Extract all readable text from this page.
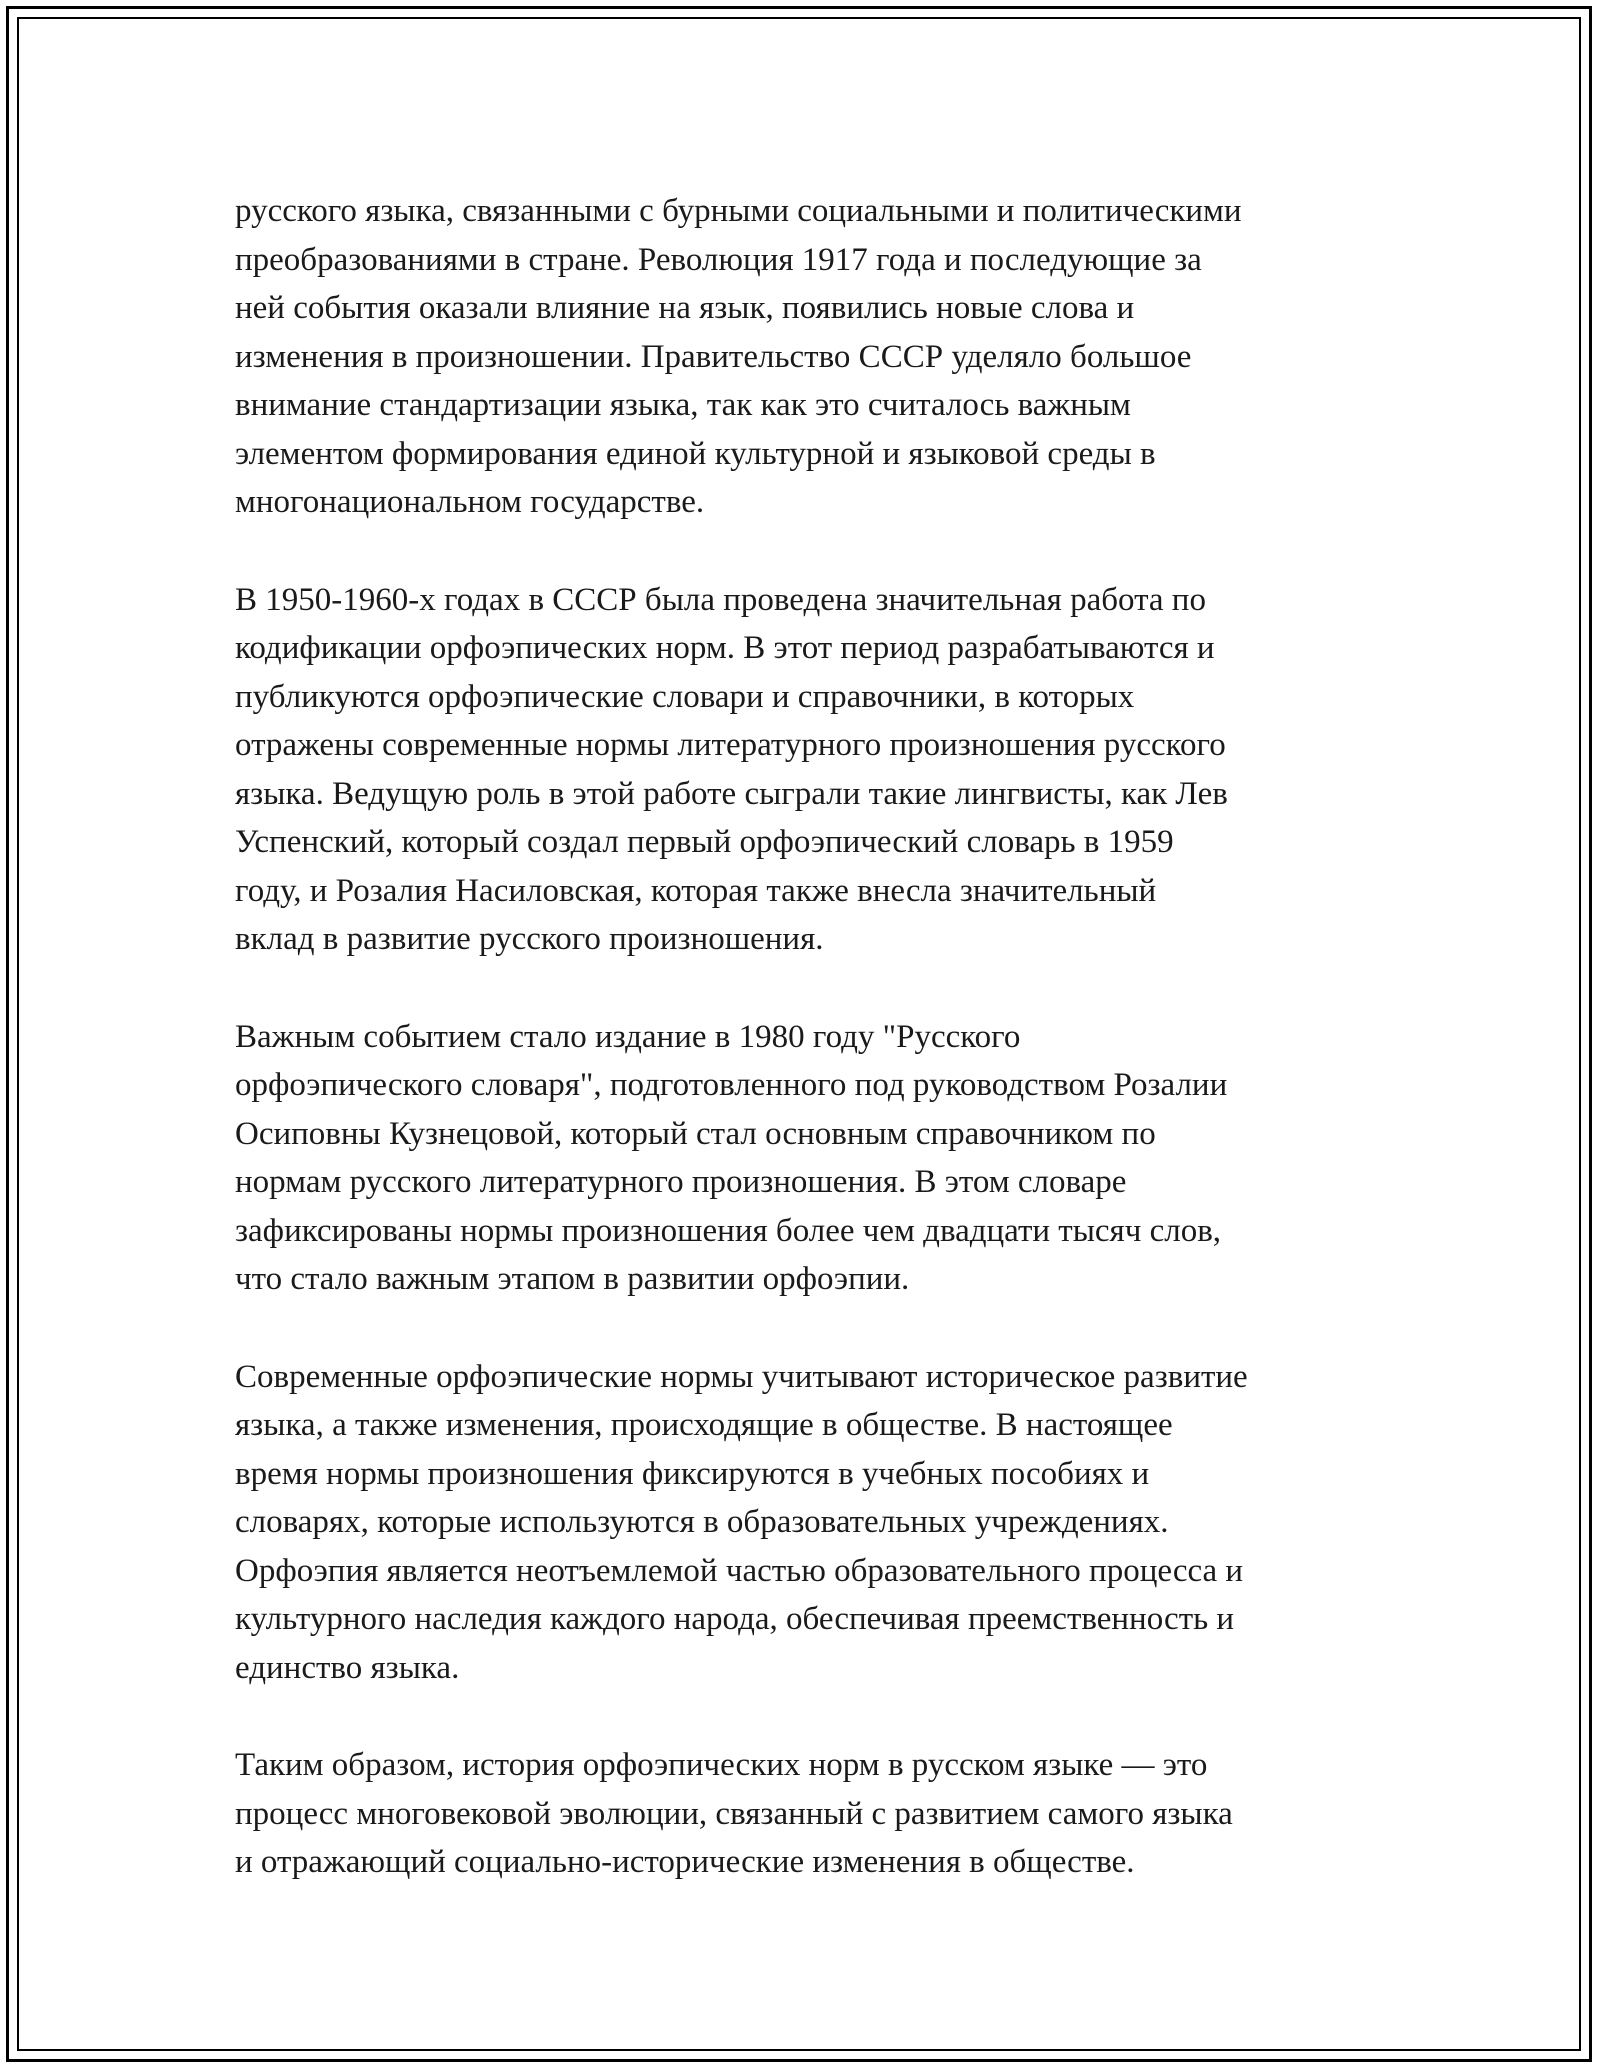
русского языка, связанными с бурными социальными и политическими
преобразованиями в стране. Революция 1917 года и последующие за
ней события оказали влияние на язык, появились новые слова и
изменения в произношении. Правительство СССР уделяло большое
внимание стандартизации языка, так как это считалось важным
элементом формирования единой культурной и языковой среды в
многонациональном государстве.

В 1950-1960-х годах в СССР была проведена значительная работа по
кодификации орфоэпических норм. В этот период разрабатываются и
публикуются орфоэпические словари и справочники, в которых
отражены современные нормы литературного произношения русского
языка. Ведущую роль в этой работе сыграли такие лингвисты, как Лев
Успенский, который создал первый орфоэпический словарь в 1959
году, и Розалия Насиловская, которая также внесла значительный
вклад в развитие русского произношения.

Важным событием стало издание в 1980 году "Русского
орфоэпического словаря", подготовленного под руководством Розалии
Осиповны Кузнецовой, который стал основным справочником по
нормам русского литературного произношения. В этом словаре
зафиксированы нормы произношения более чем двадцати тысяч слов,
что стало важным этапом в развитии орфоэпии.

Современные орфоэпические нормы учитывают историческое развитие
языка, а также изменения, происходящие в обществе. В настоящее
время нормы произношения фиксируются в учебных пособиях и
словарях, которые используются в образовательных учреждениях.
Орфоэпия является неотъемлемой частью образовательного процесса и
культурного наследия каждого народа, обеспечивая преемственность и
единство языка.

Таким образом, история орфоэпических норм в русском языке — это
процесс многовековой эволюции, связанный с развитием самого языка
и отражающий социально-исторические изменения в обществе.
